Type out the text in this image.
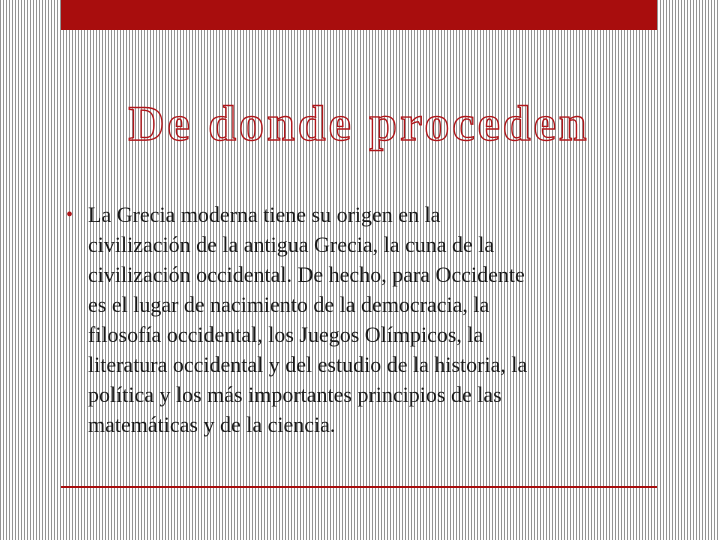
De donde proceden
• La Grecia moderna tiene su origen en la
civilización de la antigua Grecia, la cuna de la
civilización occidental. De hecho, para Occidente
es el lugar de nacimiento de la democracia, la
filosofía occidental, los Juegos Olímpicos, la
literatura occidental y del estudio de la historia, la
política y los más importantes principios de las
matemáticas y de la ciencia.
